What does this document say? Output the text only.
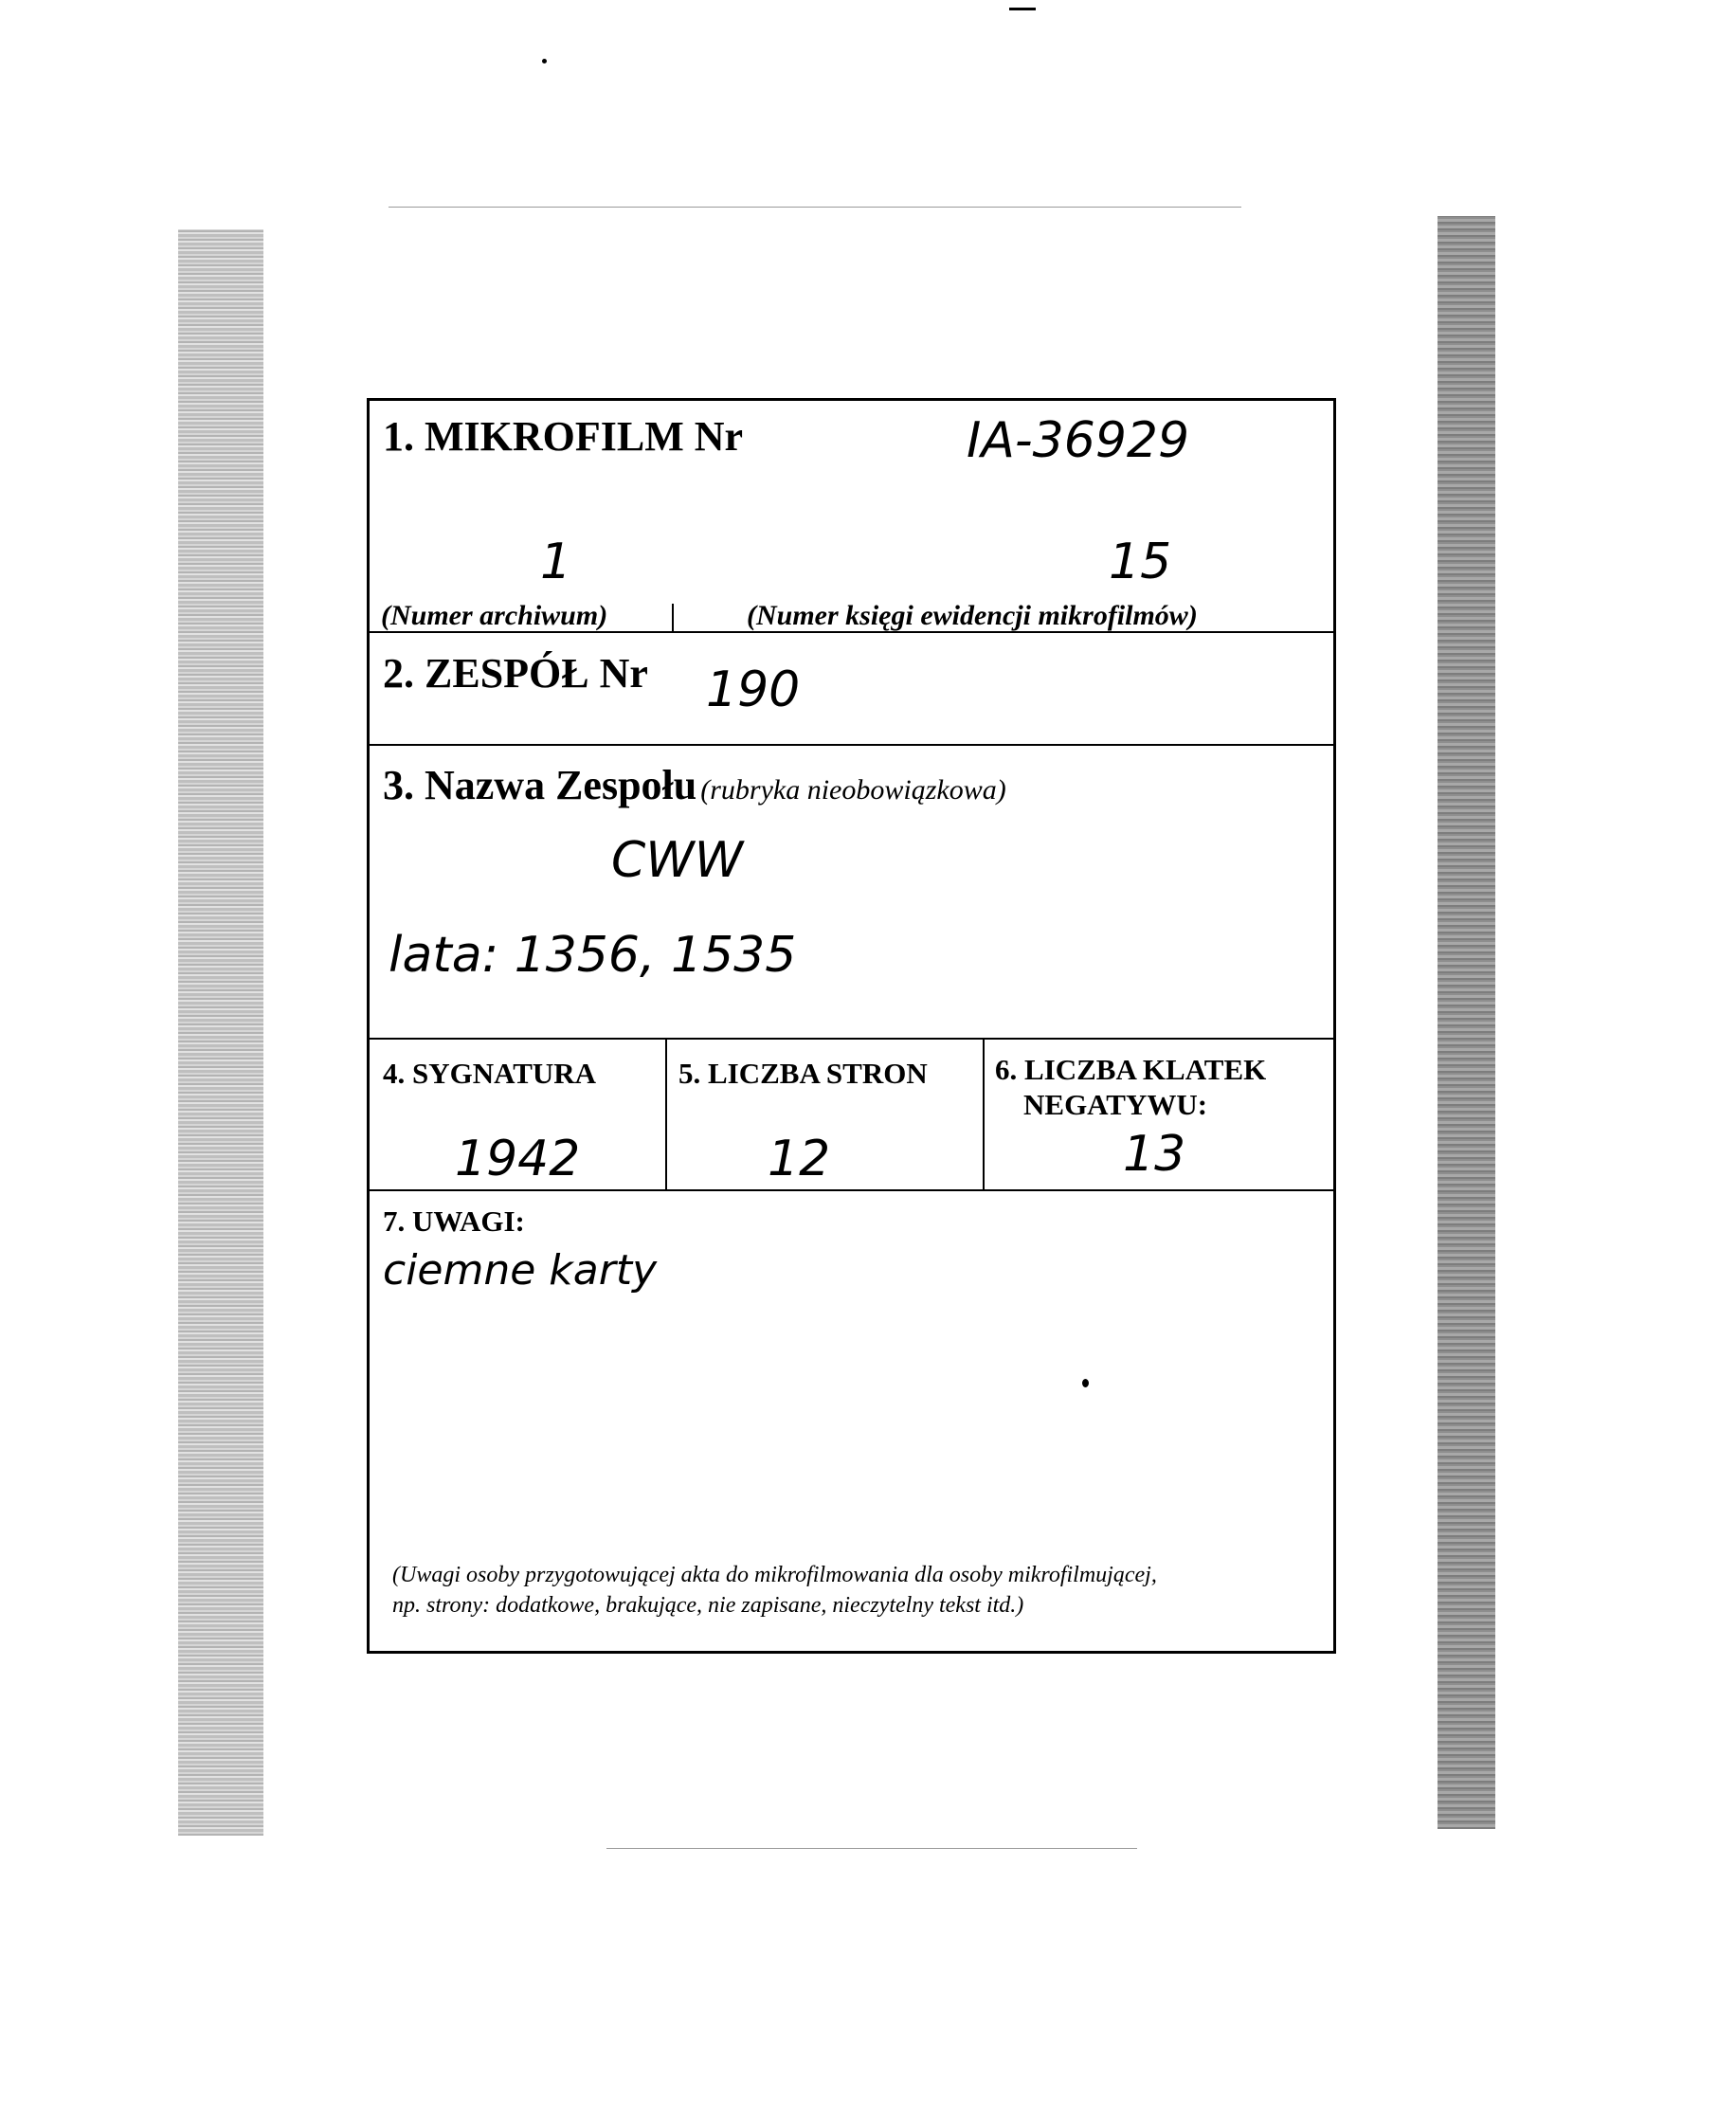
1. MIKROFILM Nr	IA-36929
1	15
(Numer archiwum)	(Numer księgi ewidencji mikrofilmów)
2. ZESPÓŁ Nr 190
3. Nazwa Zespołu (rubryka nieobowiązkowa)
CWW
lata: 1356, 1535
4. SYGNATURA
1942
5. LICZBA STRON
12
6. LICZBA KLATEK
NEGATYWU:
13
7. UWAGI:
ciemne karty
(Uwagi osoby przygotowującej akta do mikrofilmowania dla osoby mikrofilmującej,
np. strony: dodatkowe, brakujące, nie zapisane, nieczytelny tekst itd.)
